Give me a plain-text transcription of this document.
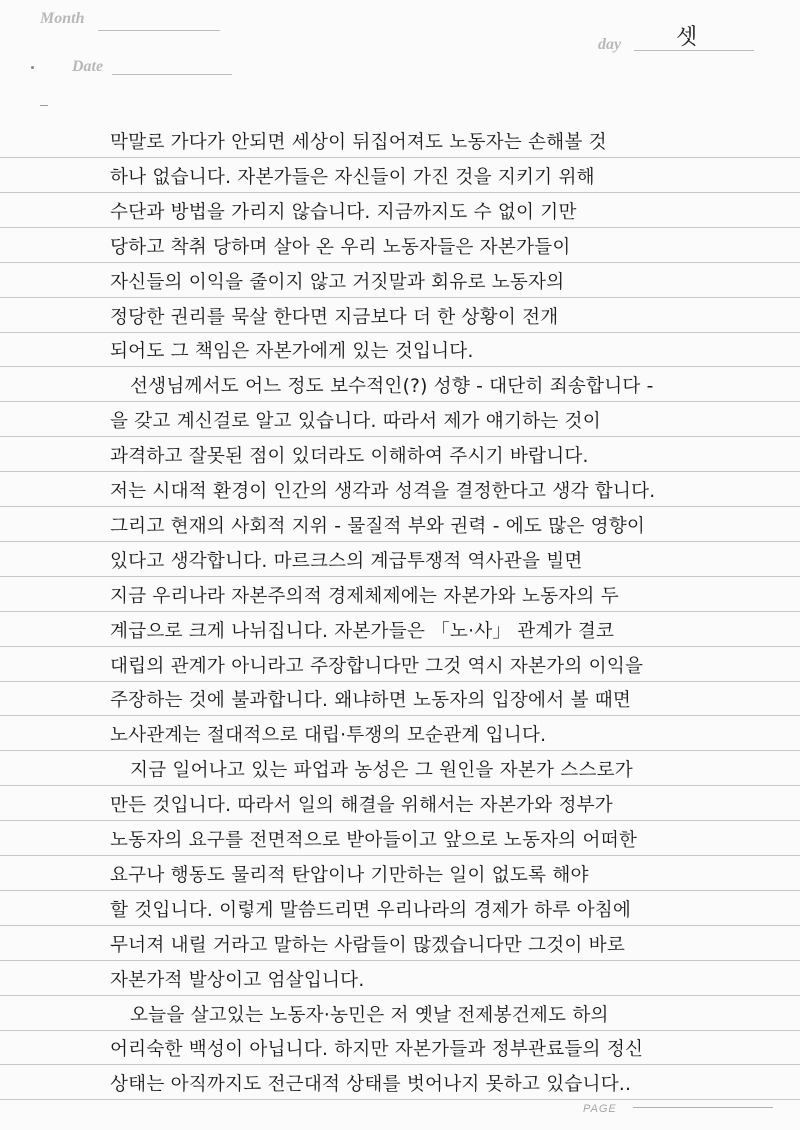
Month
Date
day 셋
막말로 가다가 안되면 세상이 뒤집어져도 노동자는 손해볼 것
하나 없습니다. 자본가들은 자신들이 가진 것을 지키기 위해
수단과 방법을 가리지 않습니다. 지금까지도 수 없이 기만
당하고 착취 당하며 살아 온 우리 노동자들은 자본가들이
자신들의 이익을 줄이지 않고 거짓말과 회유로 노동자의
정당한 권리를 묵살 한다면 지금보다 더 한 상황이 전개
되어도 그 책임은 자본가에게 있는 것입니다.
선생님께서도 어느 정도 보수적인(?) 성향 - 대단히 죄송합니다 -
을 갖고 계신걸로 알고 있습니다. 따라서 제가 얘기하는 것이
과격하고 잘못된 점이 있더라도 이해하여 주시기 바랍니다.
저는 시대적 환경이 인간의 생각과 성격을 결정한다고 생각 합니다.
그리고 현재의 사회적 지위 - 물질적 부와 권력 - 에도 많은 영향이
있다고 생각합니다. 마르크스의 계급투쟁적 역사관을 빌면
지금 우리나라 자본주의적 경제체제에는 자본가와 노동자의 두
계급으로 크게 나뉘집니다. 자본가들은 「노·사」 관계가 결코
대립의 관계가 아니라고 주장합니다만 그것 역시 자본가의 이익을
주장하는 것에 불과합니다. 왜냐하면 노동자의 입장에서 볼 때면
노사관계는 절대적으로 대립·투쟁의 모순관계 입니다.
지금 일어나고 있는 파업과 농성은 그 원인을 자본가 스스로가
만든 것입니다. 따라서 일의 해결을 위해서는 자본가와 정부가
노동자의 요구를 전면적으로 받아들이고 앞으로 노동자의 어떠한
요구나 행동도 물리적 탄압이나 기만하는 일이 없도록 해야
할 것입니다. 이렇게 말씀드리면 우리나라의 경제가 하루 아침에
무너져 내릴 거라고 말하는 사람들이 많겠습니다만 그것이 바로
자본가적 발상이고 엄살입니다.
오늘을 살고있는 노동자·농민은 저 옛날 전제봉건제도 하의
어리숙한 백성이 아닙니다. 하지만 자본가들과 정부관료들의 정신
상태는 아직까지도 전근대적 상태를 벗어나지 못하고 있습니다..
PAGE
